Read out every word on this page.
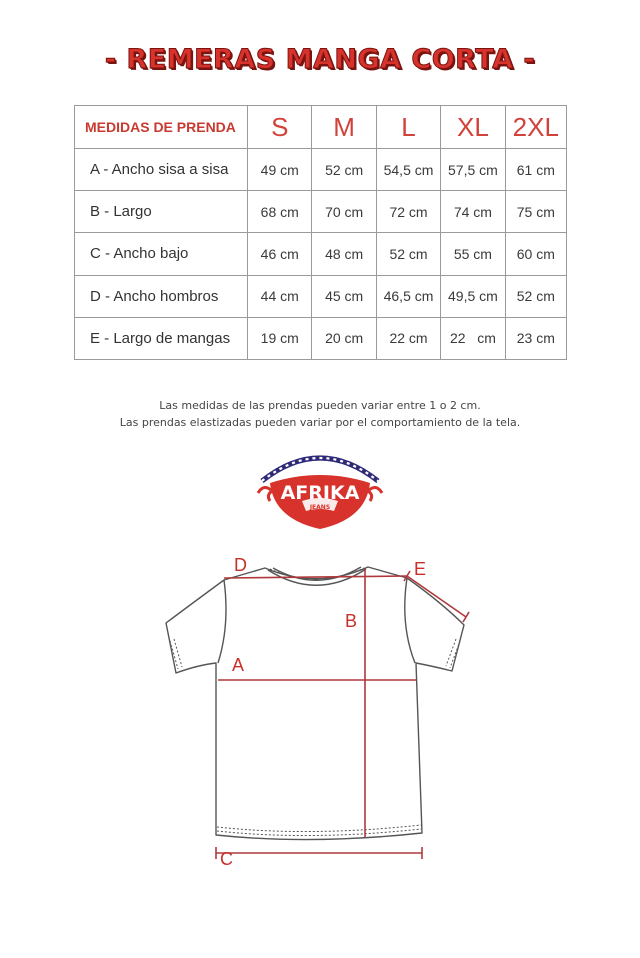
- REMERAS MANGA CORTA -
MEDIDAS DE PRENDA	S	M	L	XL	2XL
A - Ancho sisa a sisa	49 cm	52 cm	54,5 cm	57,5 cm	61 cm
B - Largo	68 cm	70 cm	72 cm	74 cm	75 cm
C - Ancho bajo	46 cm	48 cm	52 cm	55 cm	60 cm
D - Ancho hombros	44 cm	45 cm	46,5 cm	49,5 cm	52 cm
E - Largo de mangas	19 cm	20 cm	22 cm	22   cm	23 cm
Las medidas de las prendas pueden variar entre 1 o 2 cm.
Las prendas elastizadas pueden variar por el comportamiento de la tela.
AFRIKA
JEANS
D
B
A
C
E
